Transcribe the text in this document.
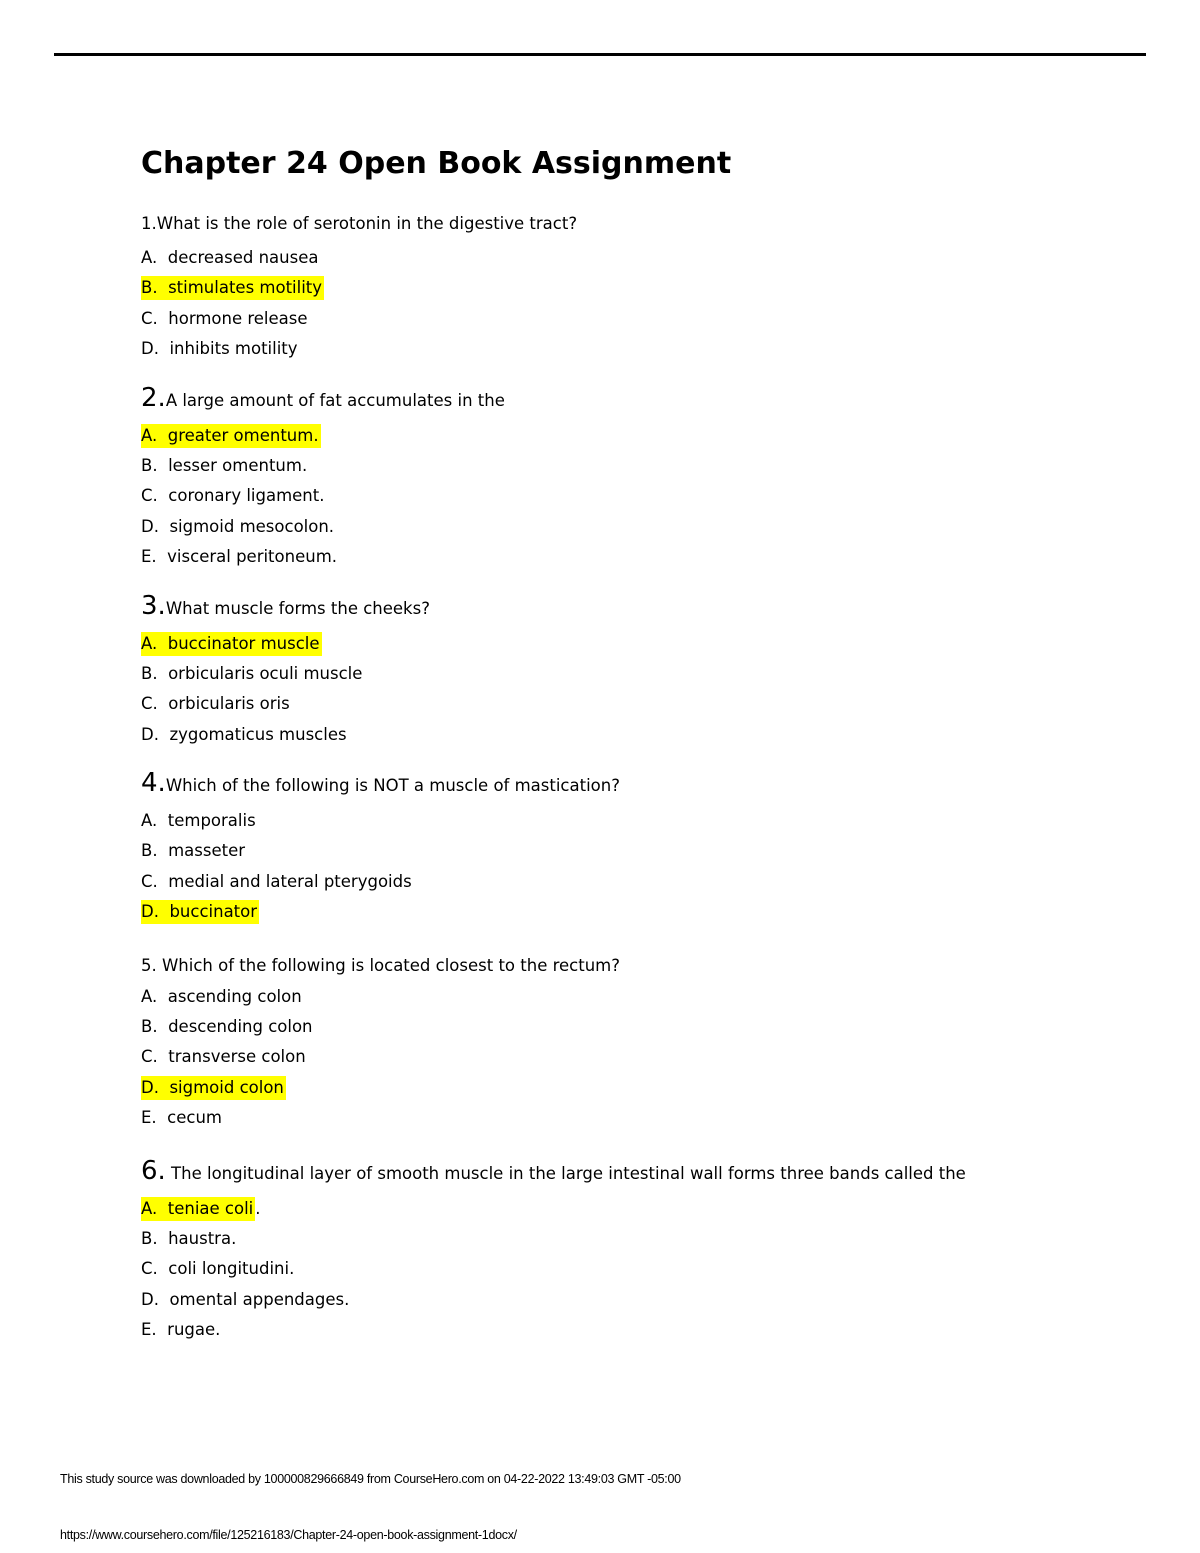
Chapter 24 Open Book Assignment
1.What is the role of serotonin in the digestive tract?
A. decreased nausea
B. stimulates motility
C. hormone release
D. inhibits motility
2.A large amount of fat accumulates in the
A. greater omentum.
B. lesser omentum.
C. coronary ligament.
D. sigmoid mesocolon.
E. visceral peritoneum.
3.What muscle forms the cheeks?
A. buccinator muscle
B. orbicularis oculi muscle
C. orbicularis oris
D. zygomaticus muscles
4.Which of the following is NOT a muscle of mastication?
A. temporalis
B. masseter
C. medial and lateral pterygoids
D. buccinator
5. Which of the following is located closest to the rectum?
A. ascending colon
B. descending colon
C. transverse colon
D. sigmoid colon
E. cecum
6. The longitudinal layer of smooth muscle in the large intestinal wall forms three bands called the
A. teniae coli .
B. haustra.
C. coli longitudini.
D. omental appendages.
E. rugae.
This study source was downloaded by 100000829666849 from CourseHero.com on 04-22-2022 13:49:03 GMT -05:00
https://www.coursehero.com/file/125216183/Chapter-24-open-book-assignment-1docx/
